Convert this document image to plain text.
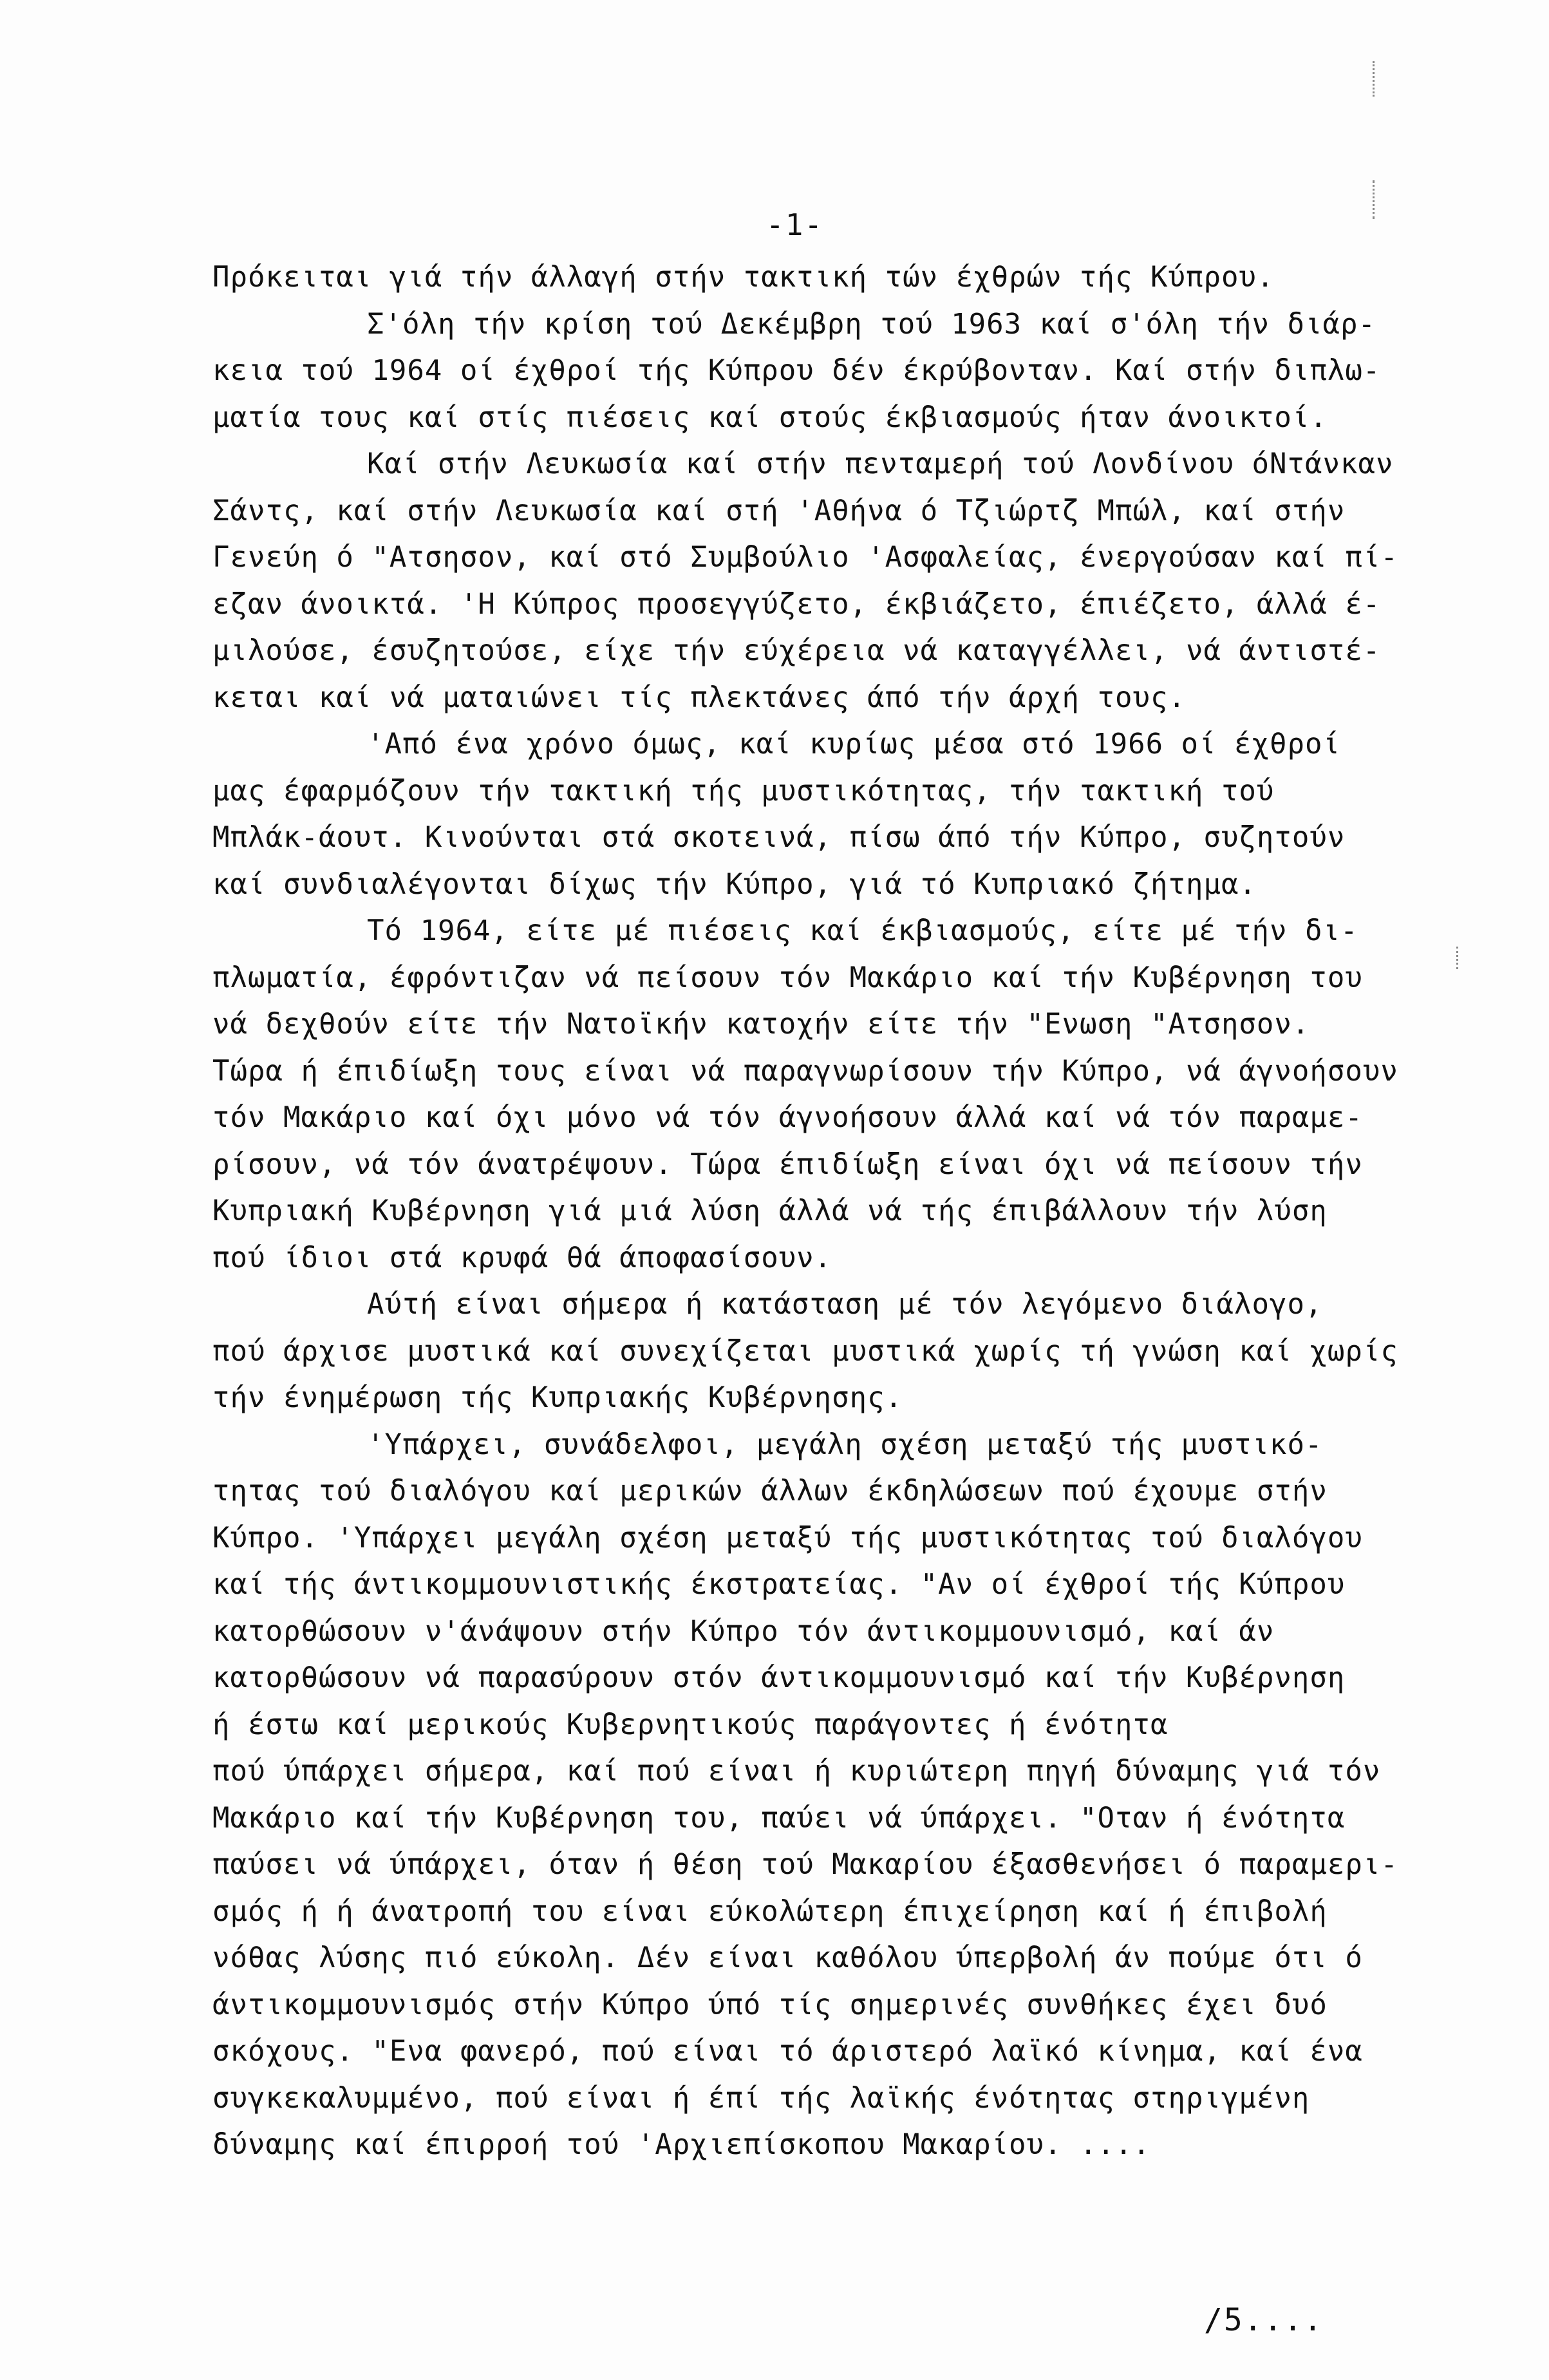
-1-
Πρόκειται γιά τήν άλλαγή στήν τακτική τών έχθρών τής Κύπρου.
Σ'όλη τήν κρίση τού Δεκέμβρη τού 1963 καί σ'όλη τήν διάρ-
κεια τού 1964 οί έχθροί τής Κύπρου δέν έκρύβονταν. Καί στήν διπλω-
ματία τους καί στίς πιέσεις καί στούς έκβιασμούς ήταν άνοικτοί.
Καί στήν Λευκωσία καί στήν πενταμερή τού Λονδίνου όΝτάνκαν
Σάντς, καί στήν Λευκωσία καί στή 'Αθήνα ό Τζιώρτζ Μπώλ, καί στήν
Γενεύη ό "Ατσησον, καί στό Συμβούλιο 'Ασφαλείας, ένεργούσαν καί πί-
εζαν άνοικτά. 'Η Κύπρος προσεγγύζετο, έκβιάζετο, έπιέζετο, άλλά έ-
μιλούσε, έσυζητούσε, είχε τήν εύχέρεια νά καταγγέλλει, νά άντιστέ-
κεται καί νά ματαιώνει τίς πλεκτάνες άπό τήν άρχή τους.
'Από ένα χρόνο όμως, καί κυρίως μέσα στό 1966 οί έχθροί
μας έφαρμόζουν τήν τακτική τής μυστικότητας, τήν τακτική τού
Μπλάκ-άουτ. Κινούνται στά σκοτεινά, πίσω άπό τήν Κύπρο, συζητούν
καί συνδιαλέγονται δίχως τήν Κύπρο, γιά τό Κυπριακό ζήτημα.
Τό 1964, είτε μέ πιέσεις καί έκβιασμούς, είτε μέ τήν δι-
πλωματία, έφρόντιζαν νά πείσουν τόν Μακάριο καί τήν Κυβέρνηση του
νά δεχθούν είτε τήν Νατοϊκήν κατοχήν είτε τήν "Ενωση "Ατσησον.
Τώρα ή έπιδίωξη τους είναι νά παραγνωρίσουν τήν Κύπρο, νά άγνοήσουν
τόν Μακάριο καί όχι μόνο νά τόν άγνοήσουν άλλά καί νά τόν παραμε-
ρίσουν, νά τόν άνατρέψουν. Τώρα έπιδίωξη είναι όχι νά πείσουν τήν
Κυπριακή Κυβέρνηση γιά μιά λύση άλλά νά τής έπιβάλλουν τήν λύση
πού ίδιοι στά κρυφά θά άποφασίσουν.
Αύτή είναι σήμερα ή κατάσταση μέ τόν λεγόμενο διάλογο,
πού άρχισε μυστικά καί συνεχίζεται μυστικά χωρίς τή γνώση καί χωρίς
τήν ένημέρωση τής Κυπριακής Κυβέρνησης.
'Υπάρχει, συνάδελφοι, μεγάλη σχέση μεταξύ τής μυστικό-
τητας τού διαλόγου καί μερικών άλλων έκδηλώσεων πού έχουμε στήν
Κύπρο. 'Υπάρχει μεγάλη σχέση μεταξύ τής μυστικότητας τού διαλόγου
καί τής άντικομμουνιστικής έκστρατείας. "Αν οί έχθροί τής Κύπρου
κατορθώσουν ν'άνάψουν στήν Κύπρο τόν άντικομμουνισμό, καί άν
κατορθώσουν νά παρασύρουν στόν άντικομμουνισμό καί τήν Κυβέρνηση
ή έστω καί μερικούς Κυβερνητικούς παράγοντες ή ένότητα
πού ύπάρχει σήμερα, καί πού είναι ή κυριώτερη πηγή δύναμης γιά τόν
Μακάριο καί τήν Κυβέρνηση του, παύει νά ύπάρχει. "Οταν ή ένότητα
παύσει νά ύπάρχει, όταν ή θέση τού Μακαρίου έξασθενήσει ό παραμερι-
σμός ή ή άνατροπή του είναι εύκολώτερη έπιχείρηση καί ή έπιβολή
νόθας λύσης πιό εύκολη. Δέν είναι καθόλου ύπερβολή άν πούμε ότι ό
άντικομμουνισμός στήν Κύπρο ύπό τίς σημερινές συνθήκες έχει δυό
σκόχους. "Ενα φανερό, πού είναι τό άριστερό λαϊκό κίνημα, καί ένα
συγκεκαλυμμένο, πού είναι ή έπί τής λαϊκής ένότητας στηριγμένη
δύναμης καί έπιρροή τού 'Αρχιεπίσκοπου Μακαρίου. ....
/5....
